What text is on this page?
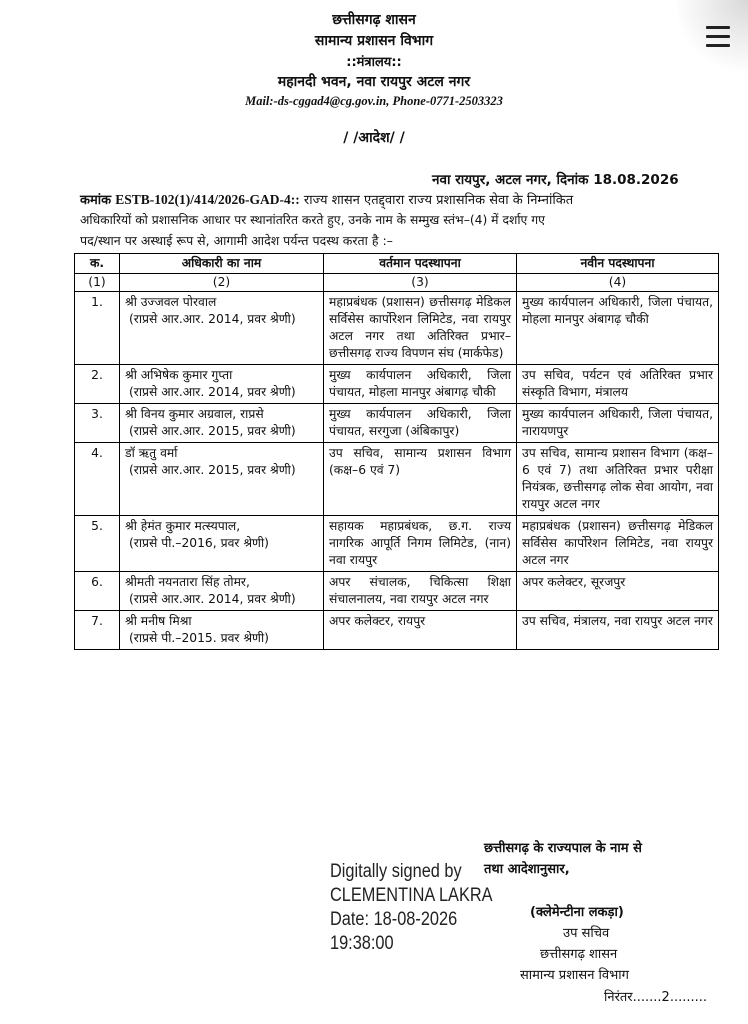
छत्तीसगढ़ शासन
सामान्य प्रशासन विभाग
::मंत्रालय::
महानदी भवन, नवा रायपुर अटल नगर
Mail:-ds-cggad4@cg.gov.in, Phone-0771-2503323
/ /आदेश/ /
नवा रायपुर, अटल नगर, दिनांक 18.08.2026
कमांक ESTB-102(1)/414/2026-GAD-4:: राज्य शासन एतद्द्वारा राज्य प्रशासनिक सेवा के निम्नांकित
अधिकारियों को प्रशासनिक आधार पर स्थानांतरित करते हुए, उनके नाम के सम्मुख स्तंभ–(4) में दर्शाए गए
पद/स्थान पर अस्थाई रूप से, आगामी आदेश पर्यन्त पदस्थ करता है :–
क.	अधिकारी का नाम	वर्तमान पदस्थापना	नवीन पदस्थापना
(1)	(2)	(3)	(4)
1.	श्री उज्जवल पोरवाल
(राप्रसे आर.आर. 2014, प्रवर श्रेणी)	महाप्रबंधक (प्रशासन) छत्तीसगढ़ मेडिकल सर्विसेस कार्पोरेशन लिमिटेड, नवा रायपुर अटल नगर तथा अतिरिक्त प्रभार–छत्तीसगढ़ राज्य विपणन संघ (मार्कफेड)	मुख्य कार्यपालन अधिकारी, जिला पंचायत, मोहला मानपुर अंबागढ़ चौकी
2.	श्री अभिषेक कुमार गुप्ता
(राप्रसे आर.आर. 2014, प्रवर श्रेणी)	मुख्य कार्यपालन अधिकारी, जिला पंचायत, मोहला मानपुर अंबागढ़ चौकी	उप सचिव, पर्यटन एवं अतिरिक्त प्रभार संस्कृति विभाग, मंत्रालय
3.	श्री विनय कुमार अग्रवाल, राप्रसे
(राप्रसे आर.आर. 2015, प्रवर श्रेणी)	मुख्य कार्यपालन अधिकारी, जिला पंचायत, सरगुजा (अंबिकापुर)	मुख्य कार्यपालन अधिकारी, जिला पंचायत, नारायणपुर
4.	डॉ ऋतु वर्मा
(राप्रसे आर.आर. 2015, प्रवर श्रेणी)	उप सचिव, सामान्य प्रशासन विभाग (कक्ष–6 एवं 7)	उप सचिव, सामान्य प्रशासन विभाग (कक्ष–6 एवं 7) तथा अतिरिक्त प्रभार परीक्षा नियंत्रक, छत्तीसगढ़ लोक सेवा आयोग, नवा रायपुर अटल नगर
5.	श्री हेमंत कुमार मत्स्यपाल,
(राप्रसे पी.–2016, प्रवर श्रेणी)	सहायक महाप्रबंधक, छ.ग. राज्य नागरिक आपूर्ति निगम लिमिटेड, (नान) नवा रायपुर	महाप्रबंधक (प्रशासन) छत्तीसगढ़ मेडिकल सर्विसेस कार्पोरेशन लिमिटेड, नवा रायपुर अटल नगर
6.	श्रीमती नयनतारा सिंह तोमर,
(राप्रसे आर.आर. 2014, प्रवर श्रेणी)	अपर संचालक, चिकित्सा शिक्षा संचालनालय, नवा रायपुर अटल नगर	अपर कलेक्टर, सूरजपुर
7.	श्री मनीष मिश्रा
(राप्रसे पी.–2015. प्रवर श्रेणी)	अपर कलेक्टर, रायपुर	उप सचिव, मंत्रालय, नवा रायपुर अटल नगर
छत्तीसगढ़ के राज्यपाल के नाम से
तथा आदेशानुसार,
Digitally signed by
CLEMENTINA LAKRA
Date: 18-08-2026
19:38:00
(क्लेमेन्टीना लकड़ा)
उप सचिव
छत्तीसगढ़ शासन
सामान्य प्रशासन विभाग
निरंतर.......2.........
